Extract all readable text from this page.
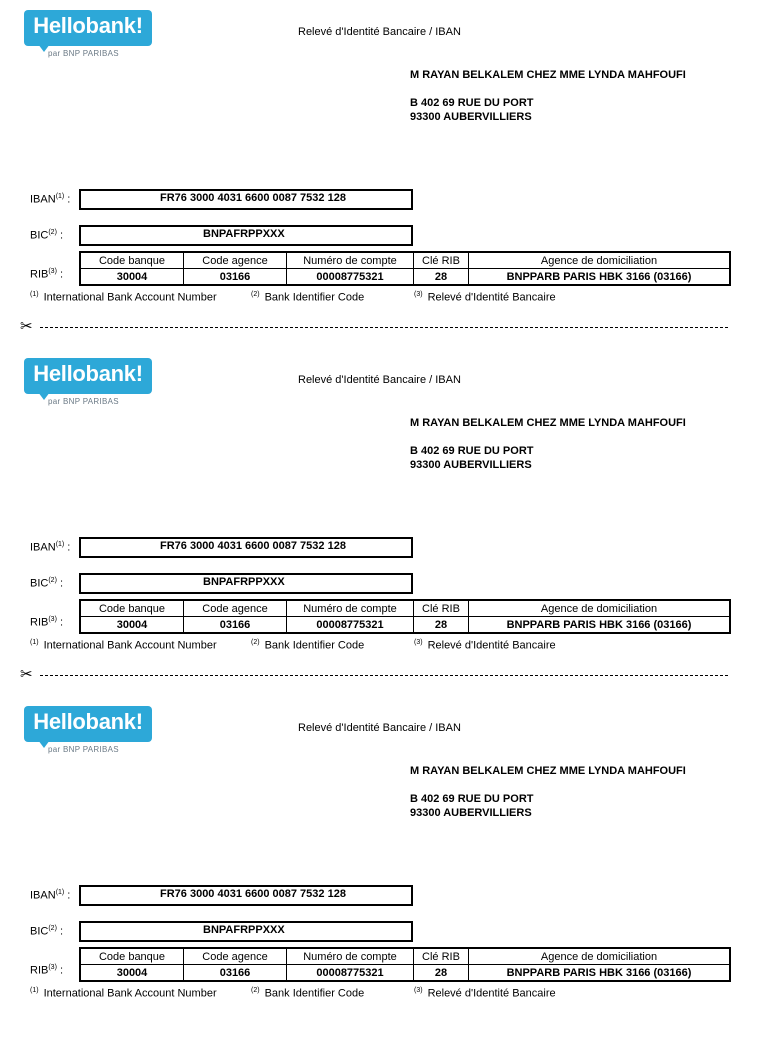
Hellobank!
par BNP PARIBAS
Relevé d'Identité Bancaire / IBAN
M RAYAN BELKALEM CHEZ MME LYNDA MAHFOUFI
B 402 69 RUE DU PORT
93300 AUBERVILLIERS
IBAN$^{(1)}$ :	FR76 3000 4031 6600 0087 7532 128
BIC$^{(2)}$ :	BNPAFRPPXXX
RIB$^{(3)}$ :
Code banque	Code agence	Numéro de compte	Clé RIB	Agence de domiciliation
30004	03166	00008775321	28	BNPPARB PARIS HBK 3166 (03166)
$^{(1)}$ International Bank Account Number	$^{(2)}$ Bank Identifier Code	$^{(3)}$ Relevé d'Identité Bancaire
✂
Hellobank!
par BNP PARIBAS
Relevé d'Identité Bancaire / IBAN
M RAYAN BELKALEM CHEZ MME LYNDA MAHFOUFI
B 402 69 RUE DU PORT
93300 AUBERVILLIERS
IBAN$^{(1)}$ :	FR76 3000 4031 6600 0087 7532 128
BIC$^{(2)}$ :	BNPAFRPPXXX
RIB$^{(3)}$ :
Code banque	Code agence	Numéro de compte	Clé RIB	Agence de domiciliation
30004	03166	00008775321	28	BNPPARB PARIS HBK 3166 (03166)
$^{(1)}$ International Bank Account Number	$^{(2)}$ Bank Identifier Code	$^{(3)}$ Relevé d'Identité Bancaire
✂
Hellobank!
par BNP PARIBAS
Relevé d'Identité Bancaire / IBAN
M RAYAN BELKALEM CHEZ MME LYNDA MAHFOUFI
B 402 69 RUE DU PORT
93300 AUBERVILLIERS
IBAN$^{(1)}$ :	FR76 3000 4031 6600 0087 7532 128
BIC$^{(2)}$ :	BNPAFRPPXXX
RIB$^{(3)}$ :
Code banque	Code agence	Numéro de compte	Clé RIB	Agence de domiciliation
30004	03166	00008775321	28	BNPPARB PARIS HBK 3166 (03166)
$^{(1)}$ International Bank Account Number	$^{(2)}$ Bank Identifier Code	$^{(3)}$ Relevé d'Identité Bancaire
